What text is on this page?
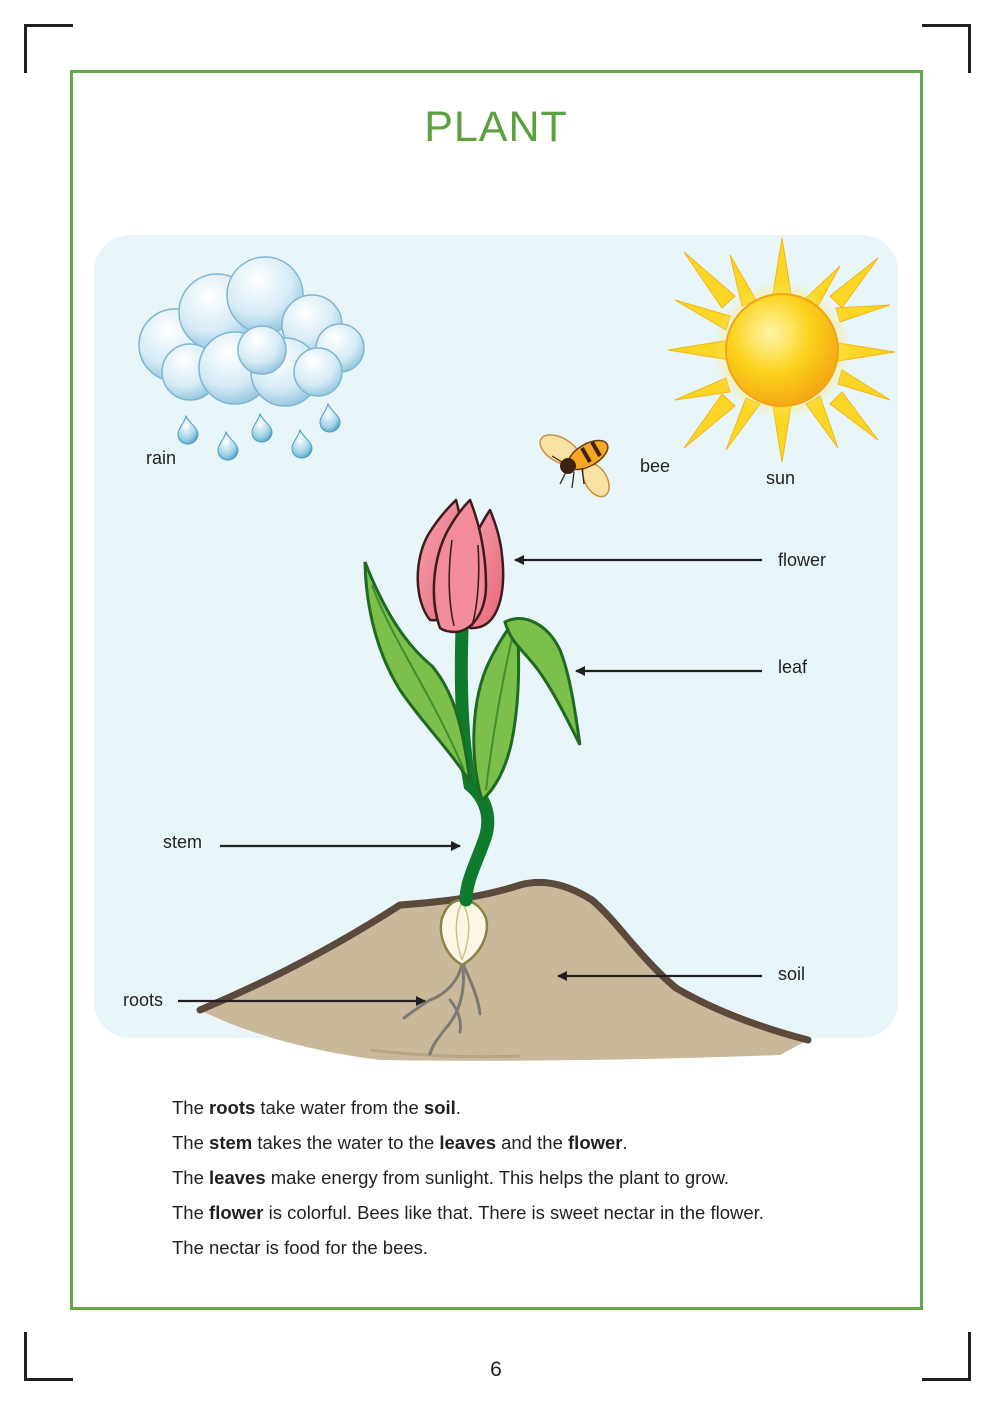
PLANT
rain	bee
sun
flower
leaf
stem
soil
roots

The roots take water from the soil.

The stem takes the water to the leaves and the flower.

The leaves make energy from sunlight. This helps the plant to grow.

The flower is colorful. Bees like that. There is sweet nectar in the flower.

The nectar is food for the bees.

6
